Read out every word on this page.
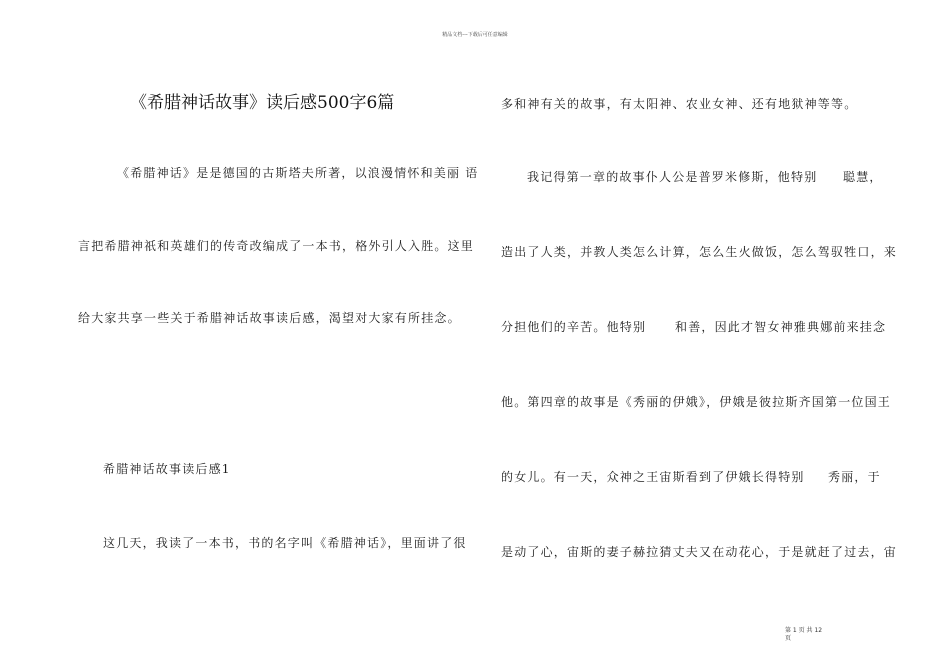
精品文档---下载后可任意编辑
《希腊神话故事》读后感500字6篇
《希腊神话》是是德国的古斯塔夫所著，以浪漫情怀和美丽 语
言把希腊神祇和英雄们的传奇改编成了一本书，格外引人入胜。这里
给大家共享一些关于希腊神话故事读后感，渴望对大家有所挂念。
希腊神话故事读后感1
这几天，我读了一本书，书的名字叫《希腊神话》，里面讲了很
多和神有关的故事，有太阳神、农业女神、还有地狱神等等。
我记得第一章的故事仆人公是普罗米修斯，他特别 聪慧，
造出了人类，并教人类怎么计算，怎么生火做饭，怎么驾驭牲口，来
分担他们的辛苦。他特别 和善，因此才智女神雅典娜前来挂念
他。第四章的故事是《秀丽的伊娥》，伊娥是彼拉斯齐国第一位国王
的女儿。有一天，众神之王宙斯看到了伊娥长得特别 秀丽，于
是动了心，宙斯的妻子赫拉猜丈夫又在动花心，于是就赶了过去，宙
第 1 页 共 12
页
